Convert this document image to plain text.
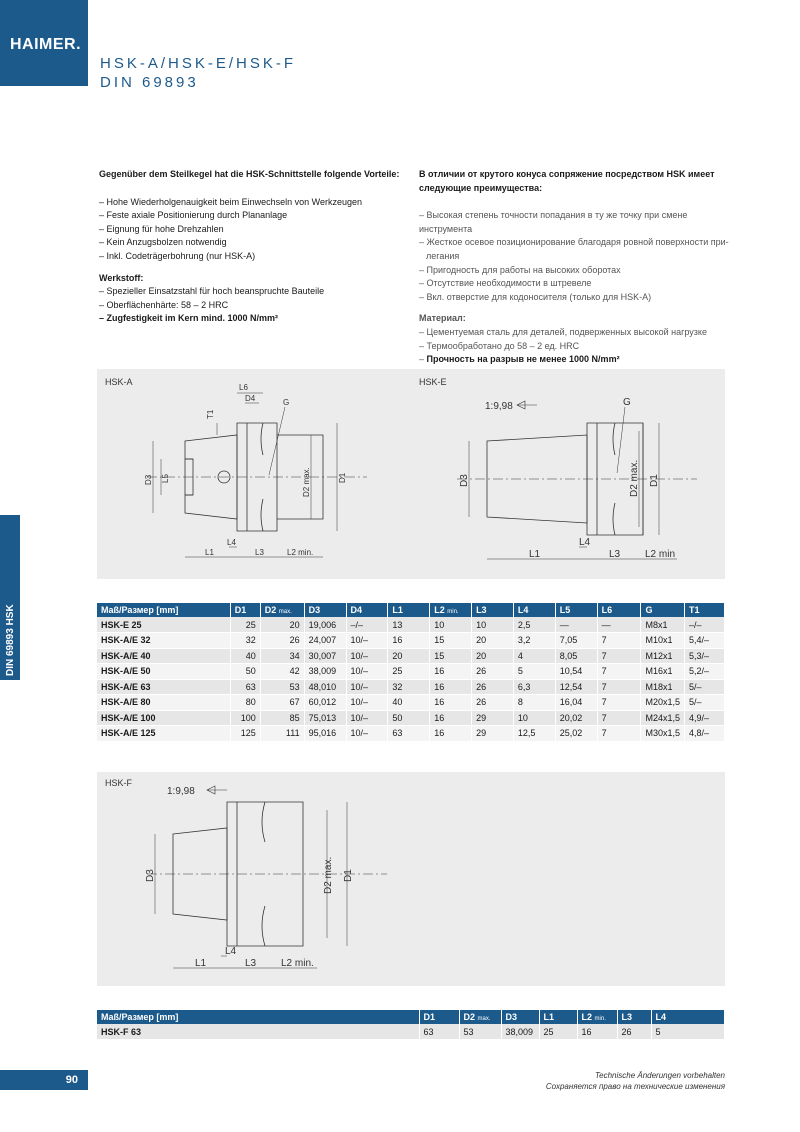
HAIMER.
HSK-A/HSK-E/HSK-F
DIN 69893
DIN 69893 HSK
Gegenüber dem Steilkegel hat die HSK-Schnittstelle folgende Vorteile:
– Hohe Wiederholgenauigkeit beim Einwechseln von Werkzeugen
– Feste axiale Positionierung durch Plananlage
– Eignung für hohe Drehzahlen
– Kein Anzugsbolzen notwendig
– Inkl. Codeträgerbohrung (nur HSK-A)
Werkstoff:
– Spezieller Einsatzstahl für hoch beanspruchte Bauteile
– Oberflächenhärte: 58 – 2 HRC
– Zugfestigkeit im Kern mind. 1000 N/mm²
В отличии от крутого конуса сопряжение посредством HSK имеет следующие преимущества:
– Высокая степень точности попадания в ту же точку при смене инструмента
– Жесткое осевое позиционирование благодаря ровной поверхности при-
легания
– Пригодность для работы на высоких оборотах
– Отсутствие необходимости в штревеле
– Вкл. отверстие для кодоносителя (только для HSK-A)
Материал:
– Цементуемая сталь для деталей, подверженных высокой нагрузке
– Термообработано до 58 – 2 ед. HRC
– Прочность на разрыв не менее 1000 N/mm²
HSK-A	HSK-E
L6
D4	G
T1
D3 L5	D2 max.	D1
L4
L1	L3	L2 min.
G
1:9,98
D3	D2 max. D1
L4
L1	L3 L2 min
Maß/Размер [mm]	D1	D2 max.	D3	D4	L1	L2 min.	L3	L4	L5	L6	G	T1
HSK-E 25	25	20	19,006	–/–	13	10	10	2,5	—	—	M8x1	–/–
HSK-A/E 32	32	26	24,007	10/–	16	15	20	3,2	7,05	7	M10x1	5,4/–
HSK-A/E 40	40	34	30,007	10/–	20	15	20	4	8,05	7	M12x1	5,3/–
HSK-A/E 50	50	42	38,009	10/–	25	16	26	5	10,54	7	M16x1	5,2/–
HSK-A/E 63	63	53	48,010	10/–	32	16	26	6,3	12,54	7	M18x1	5/–
HSK-A/E 80	80	67	60,012	10/–	40	16	26	8	16,04	7	M20x1,5	5/–
HSK-A/E 100	100	85	75,013	10/–	50	16	29	10	20,02	7	M24x1,5	4,9/–
HSK-A/E 125	125	111	95,016	10/–	63	16	29	12,5	25,02	7	M30x1,5	4,8/–
HSK-F
1:9,98
D3	D2 max. D1
L4
L1	L3 L2 min.
Maß/Размер [mm]	D1	D2 max.	D3	L1	L2 min.	L3	L4
HSK-F 63	63	53	38,009	25	16	26	5
90	Technische Änderungen vorbehalten
Сохраняется право на технические изменения
